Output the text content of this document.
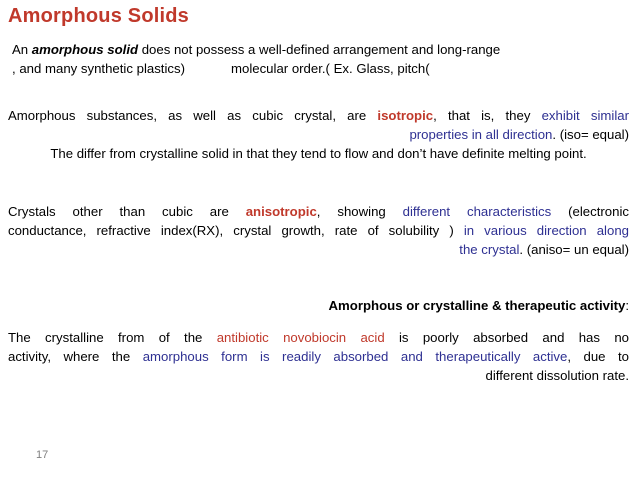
Amorphous Solids
An amorphous solid does not possess a well-defined arrangement and long-range
, and many synthetic plastics)	molecular order.( Ex. Glass, pitch(
Amorphous substances, as well as cubic crystal, are isotropic, that is, they exhibit similar
properties in all direction. (iso= equal)
The differ from crystalline solid in that they tend to flow and don’t have definite melting point.
Crystals other than cubic are anisotropic, showing different characteristics (electronic
conductance, refractive index(RX), crystal growth, rate of solubility ) in various direction along
the crystal. (aniso= un equal)
Amorphous or crystalline & therapeutic activity:
The crystalline from of the antibiotic novobiocin acid is poorly absorbed and has no
activity, where the amorphous form is readily absorbed and therapeutically active, due to
different dissolution rate.
17
